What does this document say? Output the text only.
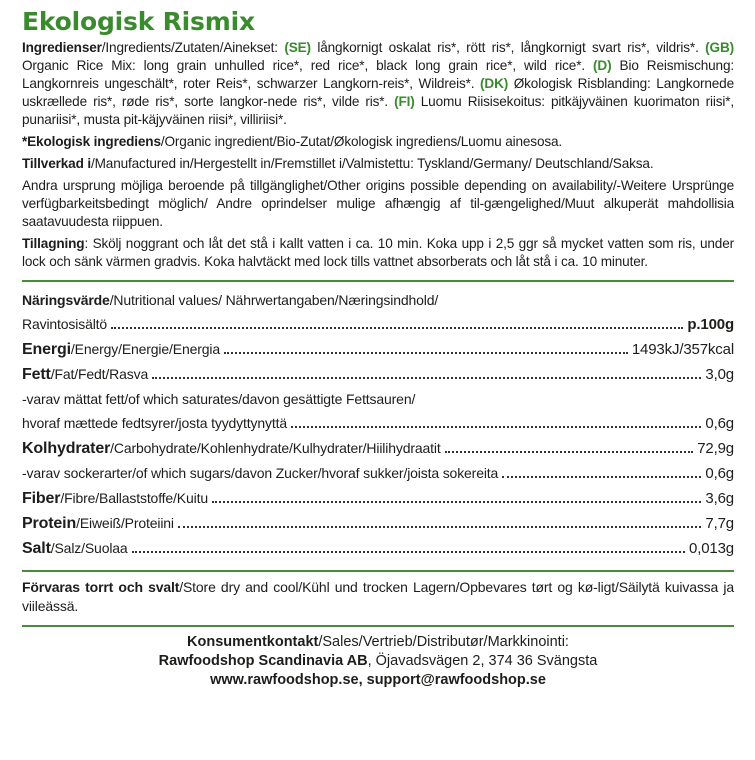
Ekologisk Rismix

Ingredienser/Ingredients/Zutaten/Ainekset: (SE) långkornigt oskalat ris*, rött ris*, långkornigt svart ris*, vildris*. (GB) Organic Rice Mix: long grain unhulled rice*, red rice*, black long grain rice*, wild rice*. (D) Bio Reismischung: Langkornreis ungeschält*, roter Reis*, schwarzer Langkorn-reis*, Wildreis*. (DK) Økologisk Risblanding: Langkornede uskrællede ris*, røde ris*, sorte langkor-nede ris*, vilde ris*. (FI) Luomu Riisisekoitus: pitkäjyväinen kuorimaton riisi*, punariisi*, musta pit-käjyväinen riisi*, villiriisi*.

*Ekologisk ingrediens/Organic ingredient/Bio-Zutat/Økologisk ingrediens/Luomu ainesosa.

Tillverkad i/Manufactured in/Hergestellt in/Fremstillet i/Valmistettu: Tyskland/Germany/ Deutschland/Saksa.

Andra ursprung möjliga beroende på tillgänglighet/Other origins possible depending on availability/-Weitere Ursprünge verfügbarkeitsbedingt möglich/ Andre oprindelser mulige afhængig af til-gængelighed/Muut alkuperät mahdollisia saatavuudesta riippuen.

Tillagning: Skölj noggrant och låt det stå i kallt vatten i ca. 10 min. Koka upp i 2,5 ggr så mycket vatten som ris, under lock och sänk värmen gradvis. Koka halvtäckt med lock tills vattnet absorberats och låt stå i ca. 10 minuter.

Näringsvärde/Nutritional values/ Nährwertangaben/Næringsindhold/
Ravintosisältö	p.100g
Energi/Energy/Energie/Energia	1493kJ/357kcal
Fett/Fat/Fedt/Rasva	3,0g
-varav mättat fett/of which saturates/davon gesättigte Fettsauren/
hvoraf mættede fedtsyrer/josta tyydyttynyttä	0,6g
Kolhydrater/Carbohydrate/Kohlenhydrate/Kulhydrater/Hiilihydraatit	72,9g
-varav sockerarter/of which sugars/davon Zucker/hvoraf sukker/joista sokereita	0,6g
Fiber/Fibre/Ballaststoffe/Kuitu	3,6g
Protein/Eiweiß/Proteiini	7,7g
Salt/Salz/Suolaa	0,013g

Förvaras torrt och svalt/Store dry and cool/Kühl und trocken Lagern/Opbevares tørt og kø-ligt/Säilytä kuivassa ja viileässä.

Konsumentkontakt/Sales/Vertrieb/Distributør/Markkinointi:
Rawfoodshop Scandinavia AB, Öjavadsvägen 2, 374 36 Svängsta
www.rawfoodshop.se, support@rawfoodshop.se
